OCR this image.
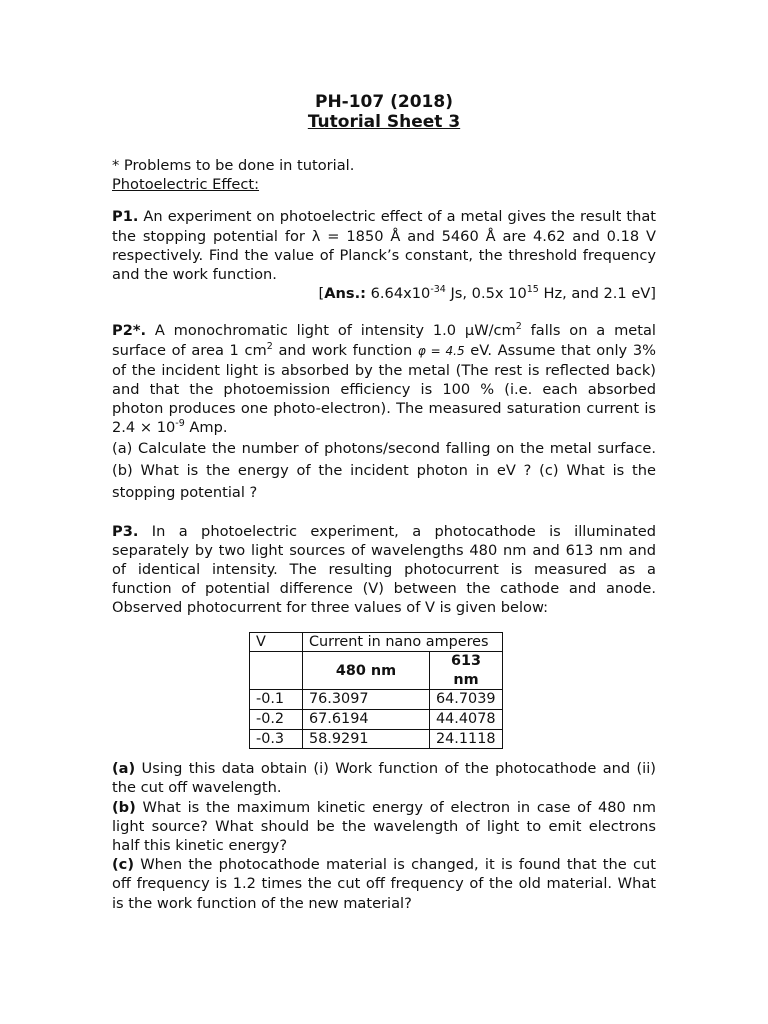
PH-107 (2018)
Tutorial Sheet 3
* Problems to be done in tutorial.
Photoelectric Effect:

P1. An experiment on photoelectric effect of a metal gives the result that the stopping potential for λ = 1850 Å and 5460 Å are 4.62 and 0.18 V respectively. Find the value of Planck’s constant, the threshold frequency and the work function.

[Ans.: $6.64x10^{-34}$ Js, 0.5x $10^{15}$ Hz, and 2.1 eV]

P2*. A monochromatic light of intensity 1.0 $\mu W/cm^2$ falls on a metal surface of area 1 $cm^2$ and work function φ = 4.5 eV. Assume that only 3% of the incident light is absorbed by the metal (The rest is reflected back) and that the photoemission efficiency is 100 % (i.e. each absorbed photon produces one photo-electron). The measured saturation current is $2.4 \times 10^{-9}$ Amp.

(a) Calculate the number of photons/second falling on the metal surface. (b) What is the energy of the incident photon in eV ? (c) What is the stopping potential ?

P3. In a photoelectric experiment, a photocathode is illuminated separately by two light sources of wavelengths 480 nm and 613 nm and of identical intensity. The resulting photocurrent is measured as a function of potential difference (V) between the cathode and anode. Observed photocurrent for three values of V is given below:

V	Current in nano amperes	
	480 nm	613 nm
-0.1	76.3097	64.7039
-0.2	67.6194	44.4078
-0.3	58.9291	24.1118

(a) Using this data obtain (i) Work function of the photocathode and (ii) the cut off wavelength.

(b) What is the maximum kinetic energy of electron in case of 480 nm light source? What should be the wavelength of light to emit electrons half this kinetic energy?

(c) When the photocathode material is changed, it is found that the cut off frequency is 1.2 times the cut off frequency of the old material. What is the work function of the new material?
